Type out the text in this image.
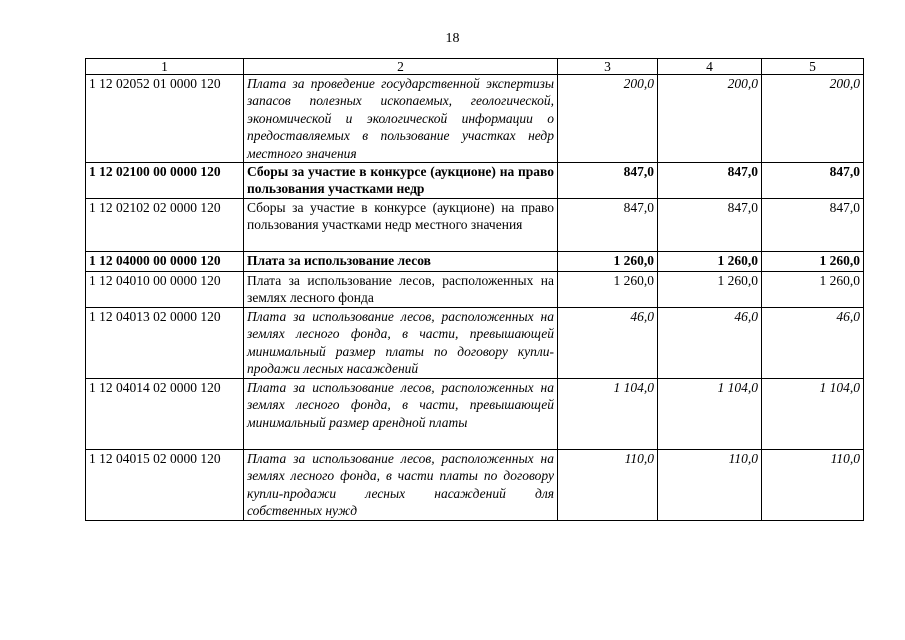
18
1	2	3	4	5
1 12 02052 01 0000 120	Плата за проведение государственной экспертизы запасов полезных ископаемых, геологической, экономической и экологической информации о предоставляемых в пользование участках недр местного значения	200,0	200,0	200,0
1 12 02100 00 0000 120	Сборы за участие в конкурсе (аукционе) на право пользования участками недр	847,0	847,0	847,0
1 12 02102 02 0000 120	Сборы за участие в конкурсе (аукционе) на право пользования участками недр местного значения	847,0	847,0	847,0
1 12 04000 00 0000 120	Плата за использование лесов	1 260,0	1 260,0	1 260,0
1 12 04010 00 0000 120	Плата за использование лесов, расположенных на землях лесного фонда	1 260,0	1 260,0	1 260,0
1 12 04013 02 0000 120	Плата за использование лесов, расположенных на землях лесного фонда, в части, превышающей минимальный размер платы по договору купли-продажи лесных насаждений	46,0	46,0	46,0
1 12 04014 02 0000 120	Плата за использование лесов, расположенных на землях лесного фонда, в части, превышающей минимальный размер арендной платы	1 104,0	1 104,0	1 104,0
1 12 04015 02 0000 120	Плата за использование лесов, расположенных на землях лесного фонда, в части платы по договору купли-продажи лесных насаждений для собственных нужд	110,0	110,0	110,0
